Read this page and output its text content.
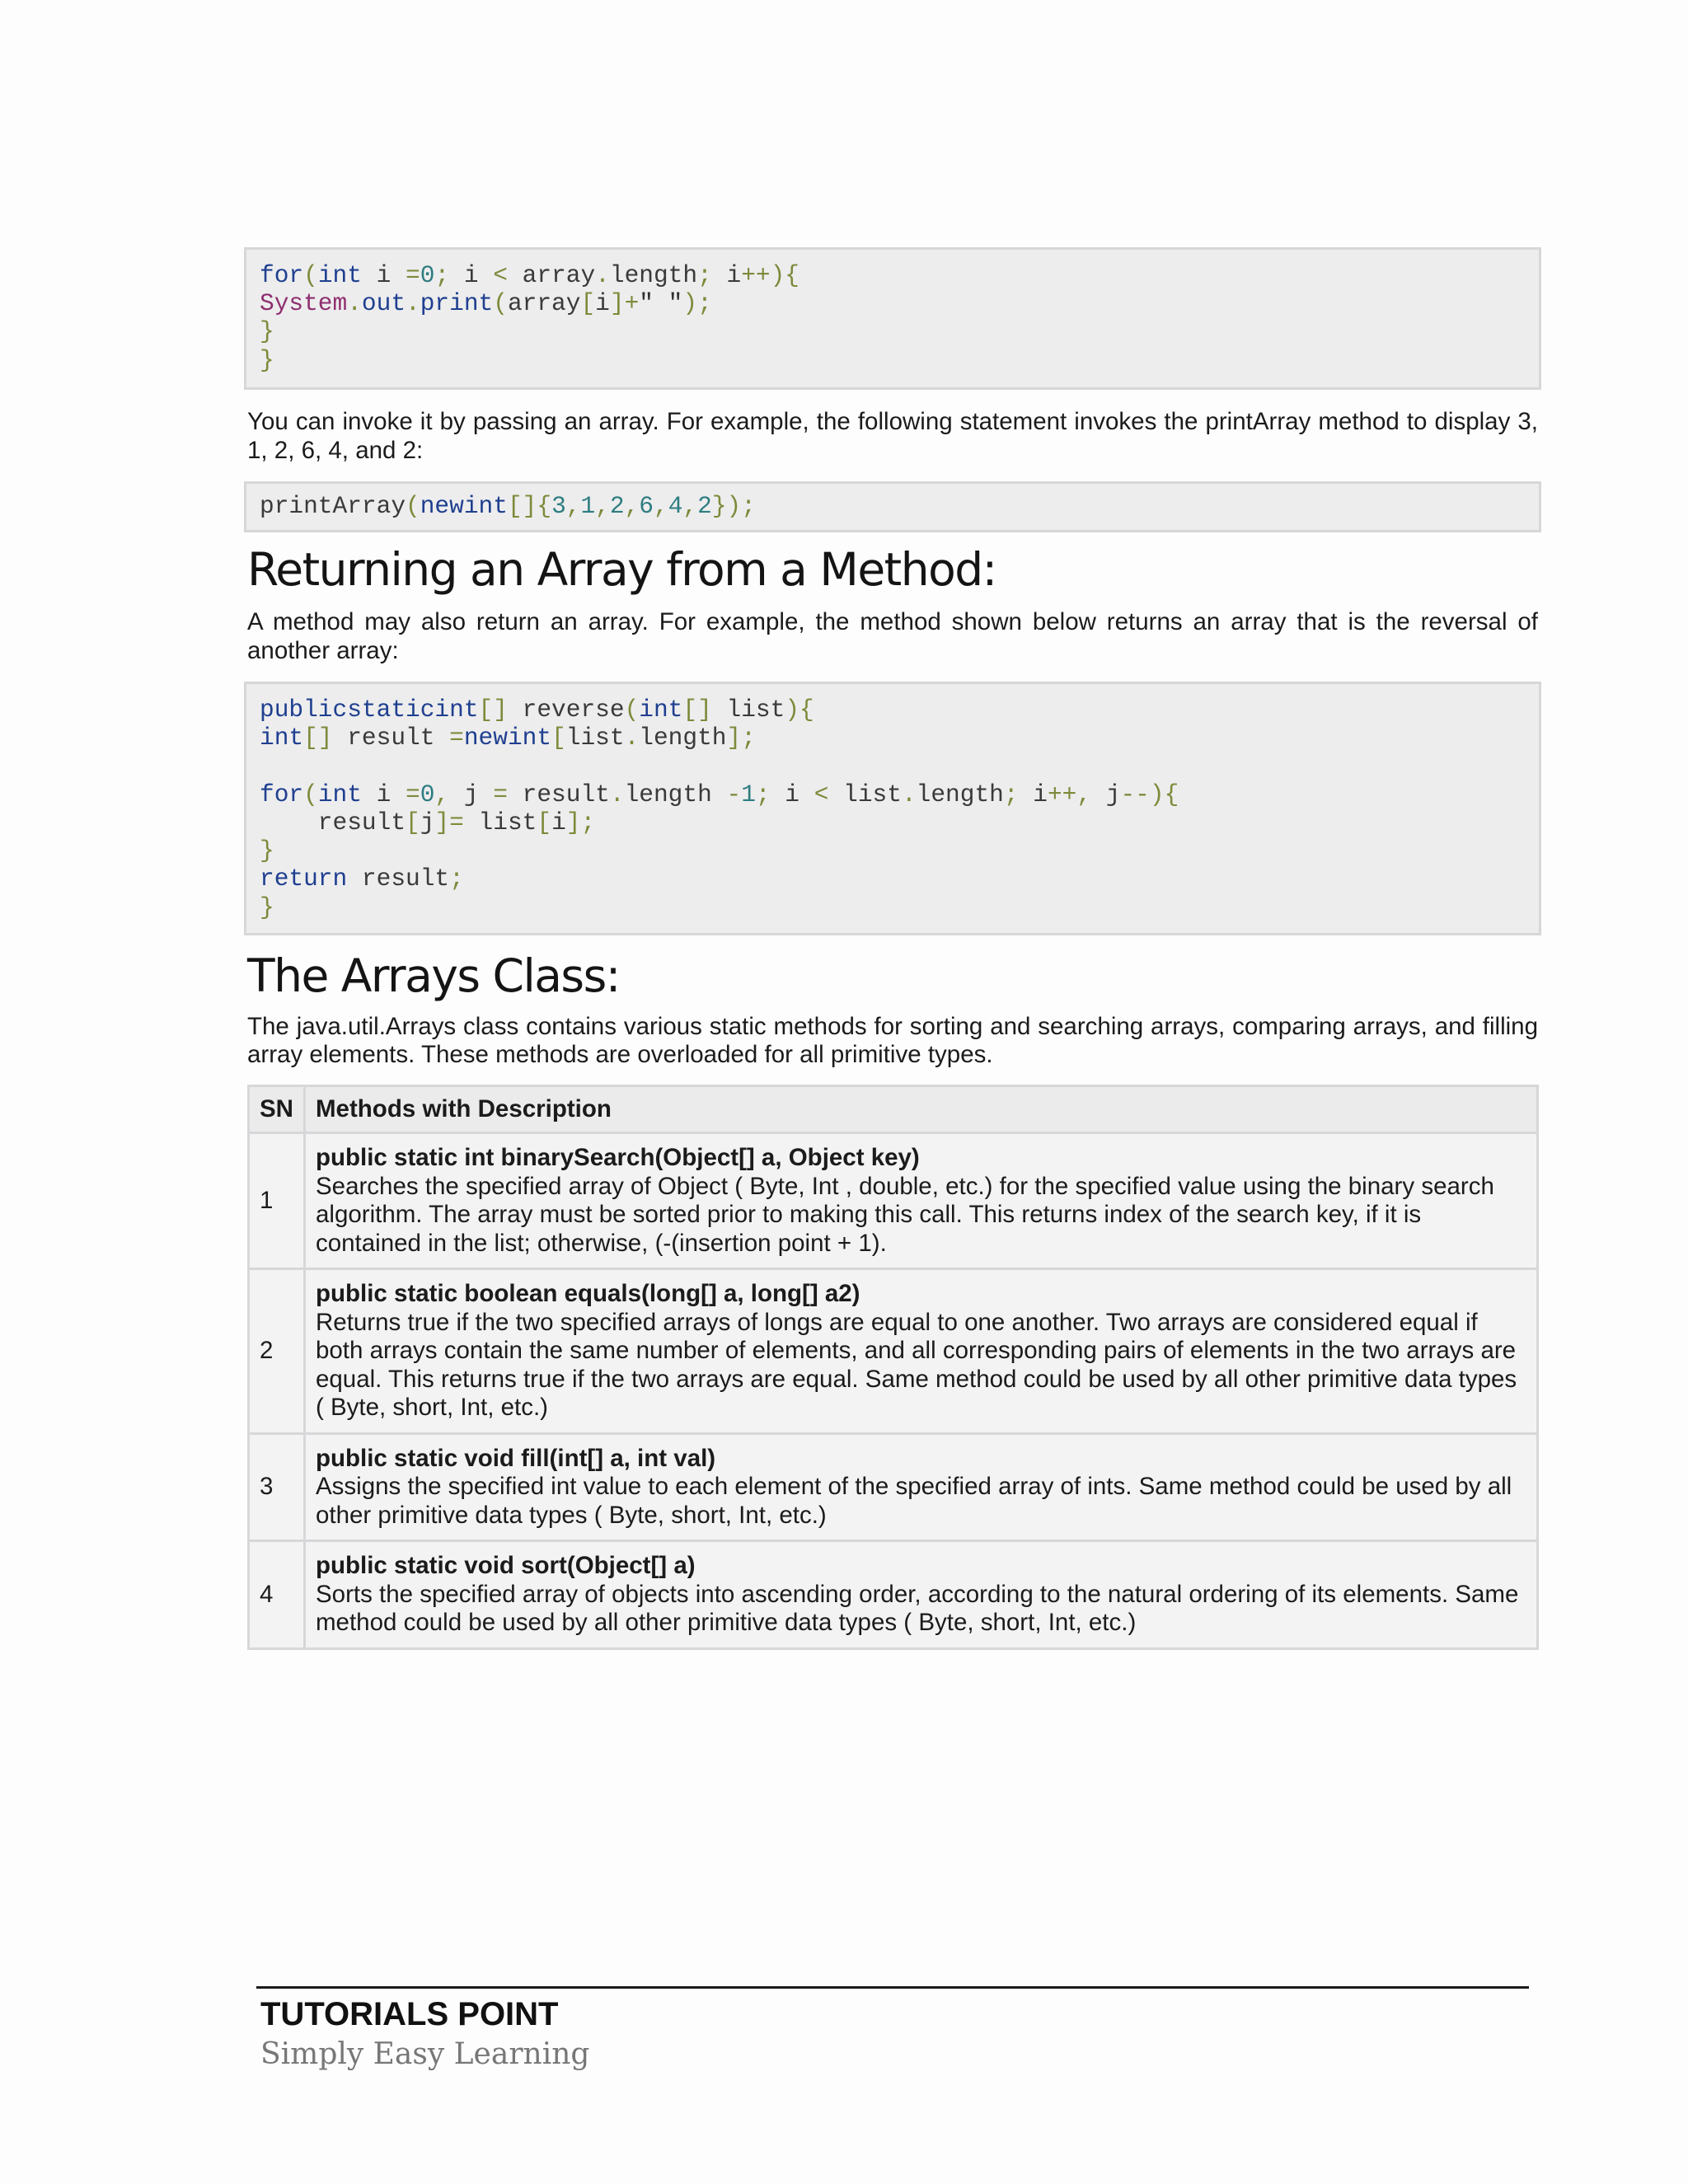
for(int i =0; i < array.length; i++){
System.out.print(array[i]+" ");
}
}

You can invoke it by passing an array. For example, the following statement invokes the printArray method to display 3, 1, 2, 6, 4, and 2:

printArray(newint[]{3,1,2,6,4,2});
Returning an Array from a Method:

A method may also return an array. For example, the method shown below returns an array that is the reversal of another array:

publicstaticint[] reverse(int[] list){
int[] result =newint[list.length];

for(int i =0, j = result.length -1; i < list.length; i++, j--){
result[j]= list[i];
}
return result;
}
The Arrays Class:

The java.util.Arrays class contains various static methods for sorting and searching arrays, comparing arrays, and filling array elements. These methods are overloaded for all primitive types.

SN	Methods with Description
1	public static int binarySearch(Object[] a, Object key)
Searches the specified array of Object ( Byte, Int , double, etc.) for the specified value using the binary search algorithm. The array must be sorted prior to making this call. This returns index of the search key, if it is contained in the list; otherwise, (-(insertion point + 1).

2	public static boolean equals(long[] a, long[] a2)
Returns true if the two specified arrays of longs are equal to one another. Two arrays are considered equal if both arrays contain the same number of elements, and all corresponding pairs of elements in the two arrays are equal. This returns true if the two arrays are equal. Same method could be used by all other primitive data types ( Byte, short, Int, etc.)

3	public static void fill(int[] a, int val)
Assigns the specified int value to each element of the specified array of ints. Same method could be used by all other primitive data types ( Byte, short, Int, etc.)

4	public static void sort(Object[] a)
Sorts the specified array of objects into ascending order, according to the natural ordering of its elements. Same method could be used by all other primitive data types ( Byte, short, Int, etc.)
TUTORIALS POINT
Simply Easy Learning
